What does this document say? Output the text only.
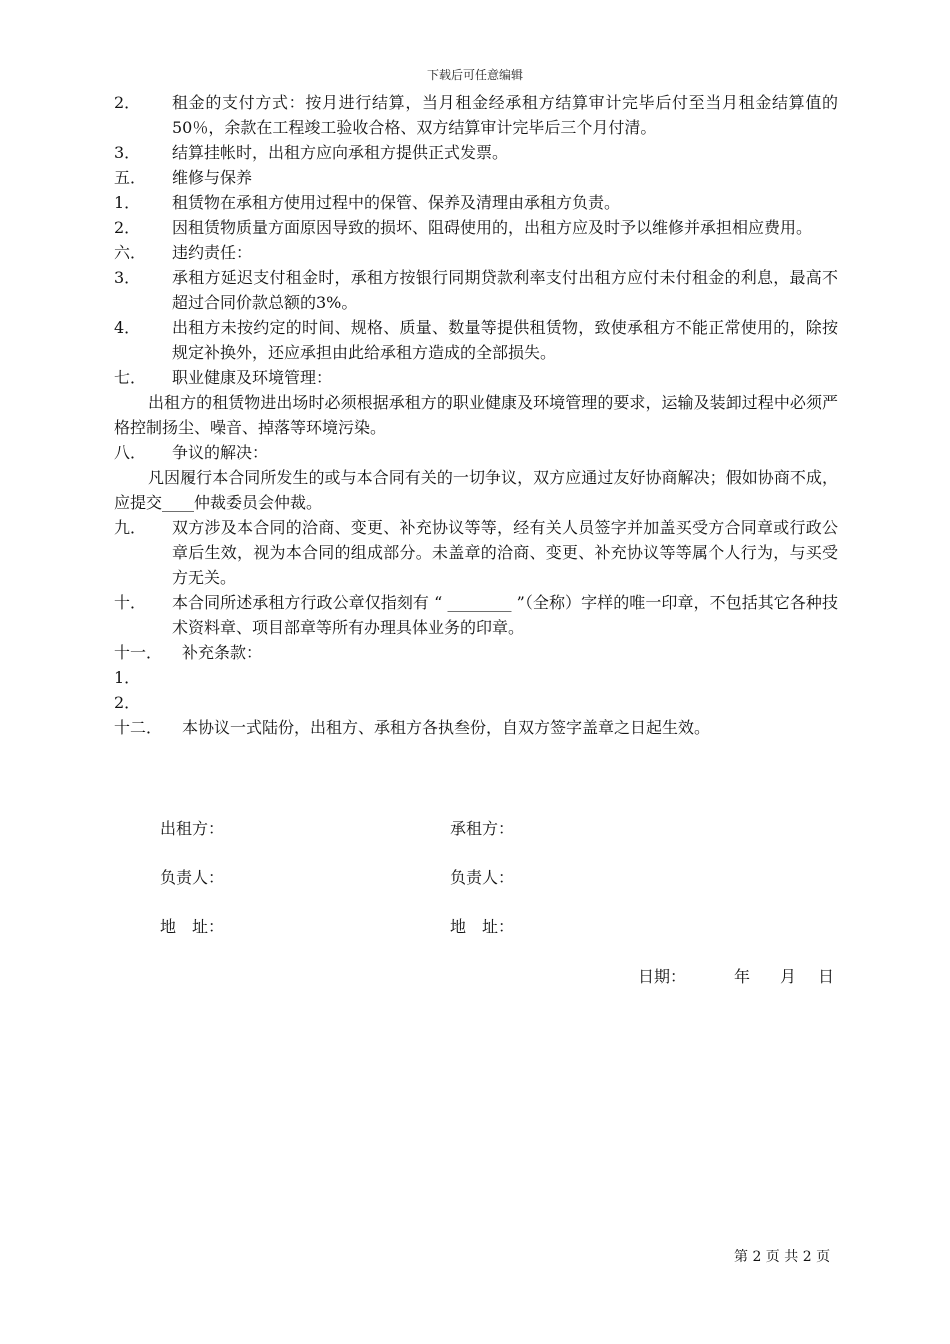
下载后可任意编辑
2．	租金的支付方式：按月进行结算，当月租金经承租方结算审计完毕后付至当月租金结算值的50％，余款在工程竣工验收合格、双方结算审计完毕后三个月付清。
3．	结算挂帐时，出租方应向承租方提供正式发票。
五．	维修与保养
1．	租赁物在承租方使用过程中的保管、保养及清理由承租方负责。
2．	因租赁物质量方面原因导致的损坏、阻碍使用的，出租方应及时予以维修并承担相应费用。
六．	违约责任：
3．	承租方延迟支付租金时，承租方按银行同期贷款利率支付出租方应付未付租金的利息，最高不超过合同价款总额的3%。
4．	出租方未按约定的时间、规格、质量、数量等提供租赁物，致使承租方不能正常使用的，除按规定补换外，还应承担由此给承租方造成的全部损失。
七．	职业健康及环境管理：
出租方的租赁物进出场时必须根据承租方的职业健康及环境管理的要求，运输及装卸过程中必须严格控制扬尘、噪音、掉落等环境污染。
八．	争议的解决：
凡因履行本合同所发生的或与本合同有关的一切争议，双方应通过友好协商解决；假如协商不成，应提交____仲裁委员会仲裁。
九．	双方涉及本合同的洽商、变更、补充协议等等，经有关人员签字并加盖买受方合同章或行政公章后生效，视为本合同的组成部分。未盖章的洽商、变更、补充协议等等属个人行为，与买受方无关。
十．	本合同所述承租方行政公章仅指刻有 “ ________ ”（全称）字样的唯一印章，不包括其它各种技术资料章、项目部章等所有办理具体业务的印章。
十一．	补充条款：
1．
2．
十二．	本协议一式陆份，出租方、承租方各执叁份，自双方签字盖章之日起生效。
出租方：	承租方：
负责人：	负责人：
地　址：	地　址：
日期：	年 月 日
第 2 页 共 2 页
